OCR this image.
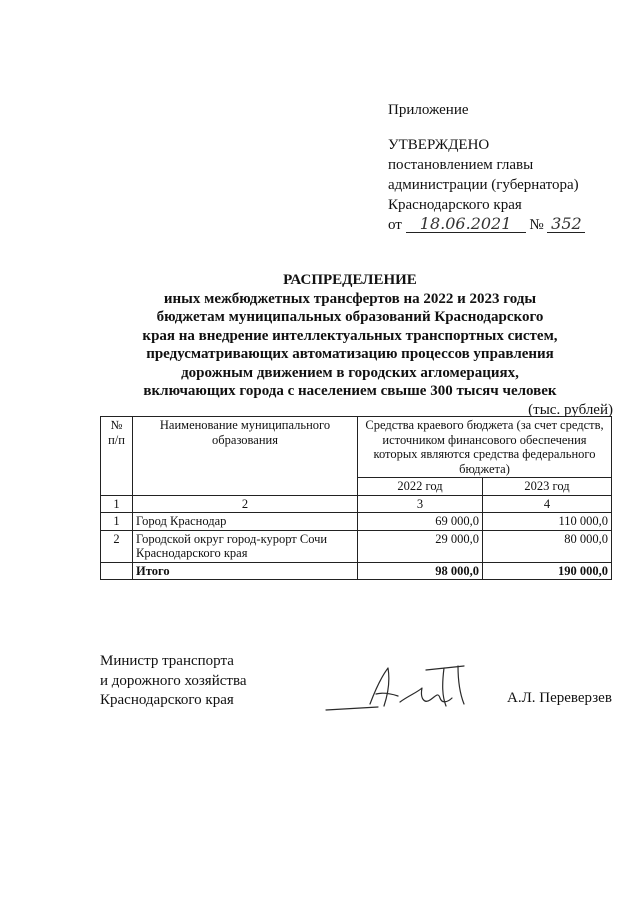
Приложение
УТВЕРЖДЕНО
постановлением главы
администрации (губернатора)
Краснодарского края
от 18.06.2021 № 352
РАСПРЕДЕЛЕНИЕ
иных межбюджетных трансфертов на 2022 и 2023 годы
бюджетам муниципальных образований Краснодарского
края на внедрение интеллектуальных транспортных систем,
предусматривающих автоматизацию процессов управления
дорожным движением в городских агломерациях,
включающих города с населением свыше 300 тысяч человек
(тыс. рублей)
№ п/п	Наименование муниципального образования	Средства краевого бюджета (за счет средств, источником финансового обеспечения которых являются средства федерального бюджета)	
		2022 год	2023 год
1	2	3	4
1	Город Краснодар	69 000,0	110 000,0
2	Городской округ город-курорт Сочи Краснодарского края	29 000,0	80 000,0
	Итого	98 000,0	190 000,0
Министр транспорта
и дорожного хозяйства
Краснодарского края	А.Л. Переверзев
